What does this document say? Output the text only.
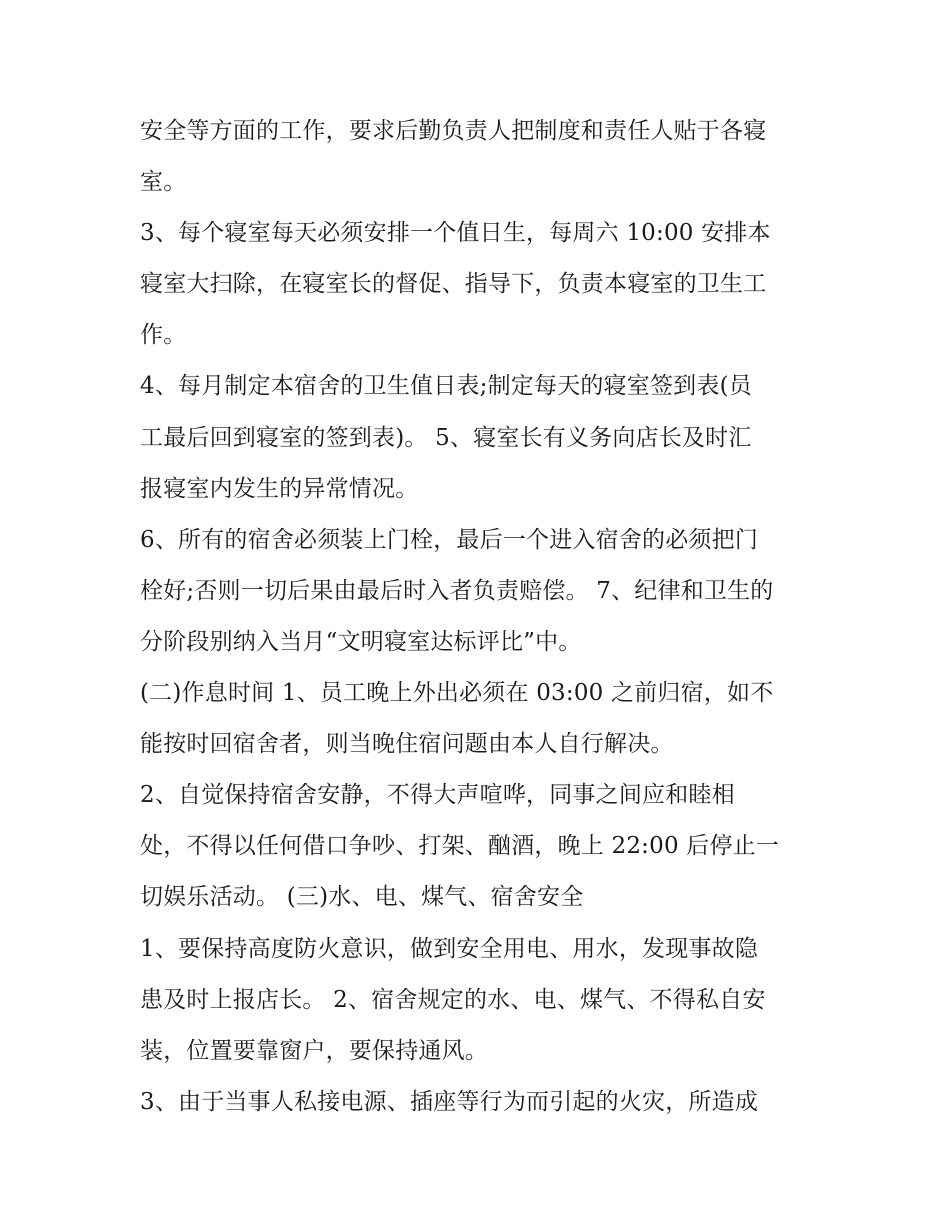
安全等方面的工作，要求后勤负责人把制度和责任人贴于各寝
室。
3、每个寝室每天必须安排一个值日生，每周六 10:00 安排本
寝室大扫除，在寝室长的督促、指导下，负责本寝室的卫生工
作。
4、每月制定本宿舍的卫生值日表;制定每天的寝室签到表(员
工最后回到寝室的签到表)。 5、寝室长有义务向店长及时汇
报寝室内发生的异常情况。
6、所有的宿舍必须装上门栓，最后一个进入宿舍的必须把门
栓好;否则一切后果由最后时入者负责赔偿。 7、纪律和卫生的
分阶段别纳入当月“文明寝室达标评比”中。
(二)作息时间 1、员工晚上外出必须在 03:00 之前归宿，如不
能按时回宿舍者，则当晚住宿问题由本人自行解决。
2、自觉保持宿舍安静，不得大声喧哗，同事之间应和睦相
处，不得以任何借口争吵、打架、酗酒，晚上 22:00 后停止一
切娱乐活动。 (三)水、电、煤气、宿舍安全
1、要保持高度防火意识，做到安全用电、用水，发现事故隐
患及时上报店长。 2、宿舍规定的水、电、煤气、不得私自安
装，位置要靠窗户，要保持通风。
3、由于当事人私接电源、插座等行为而引起的火灾，所造成
